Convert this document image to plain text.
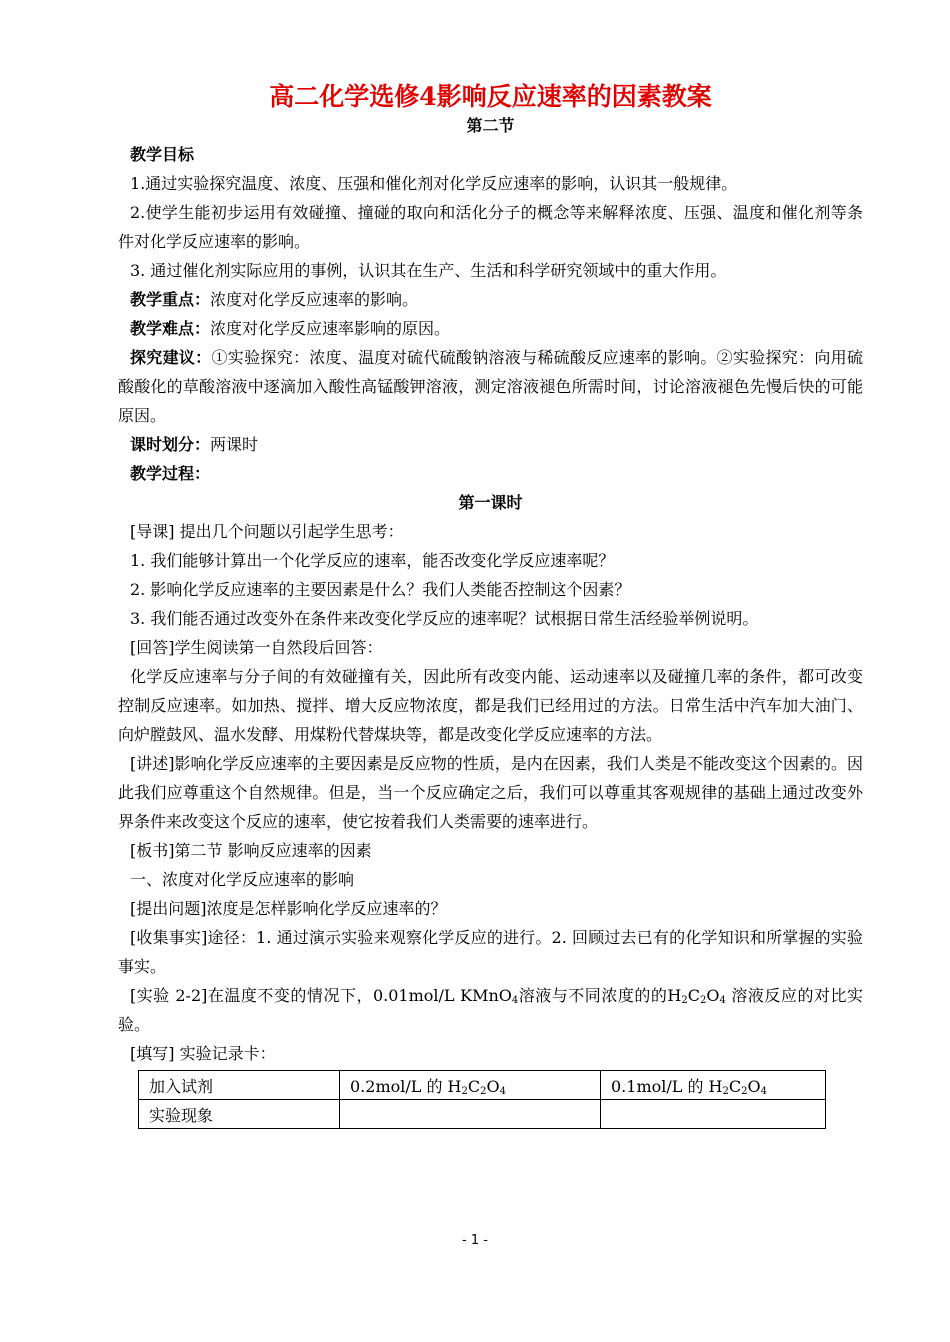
高二化学选修4影响反应速率的因素教案
第二节

教学目标

1.通过实验探究温度、浓度、压强和催化剂对化学反应速率的影响，认识其一般规律。

2.使学生能初步运用有效碰撞、撞碰的取向和活化分子的概念等来解释浓度、压强、温度和催化剂等条件对化学反应速率的影响。

3. 通过催化剂实际应用的事例，认识其在生产、生活和科学研究领域中的重大作用。

教学重点：浓度对化学反应速率的影响。

教学难点：浓度对化学反应速率影响的原因。

探究建议：①实验探究：浓度、温度对硫代硫酸钠溶液与稀硫酸反应速率的影响。②实验探究：向用硫酸酸化的草酸溶液中逐滴加入酸性高锰酸钾溶液，测定溶液褪色所需时间，讨论溶液褪色先慢后快的可能原因。

课时划分：两课时

教学过程：

第一课时

[导课] 提出几个问题以引起学生思考：

1. 我们能够计算出一个化学反应的速率，能否改变化学反应速率呢？

2. 影响化学反应速率的主要因素是什么？我们人类能否控制这个因素？

3. 我们能否通过改变外在条件来改变化学反应的速率呢？试根据日常生活经验举例说明。

[回答]学生阅读第一自然段后回答：

化学反应速率与分子间的有效碰撞有关，因此所有改变内能、运动速率以及碰撞几率的条件，都可改变控制反应速率。如加热、搅拌、增大反应物浓度，都是我们已经用过的方法。日常生活中汽车加大油门、向炉膛鼓风、温水发酵、用煤粉代替煤块等，都是改变化学反应速率的方法。

[讲述]影响化学反应速率的主要因素是反应物的性质，是内在因素，我们人类是不能改变这个因素的。因此我们应尊重这个自然规律。但是，当一个反应确定之后，我们可以尊重其客观规律的基础上通过改变外界条件来改变这个反应的速率，使它按着我们人类需要的速率进行。

[板书]第二节 影响反应速率的因素

一、浓度对化学反应速率的影响

[提出问题]浓度是怎样影响化学反应速率的？

[收集事实]途径：1. 通过演示实验来观察化学反应的进行。2. 回顾过去已有的化学知识和所掌握的实验事实。

[实验 2-2]在温度不变的情况下，0.01mol/L KMnO$_4$溶液与不同浓度的的$H_2C_2O_4$ 溶液反应的对比实验。

[填写] 实验记录卡：

加入试剂	0.2mol/L 的 $H_2C_2O_4$	0.1mol/L 的 $H_2C_2O_4$
实验现象		
- 1 -
